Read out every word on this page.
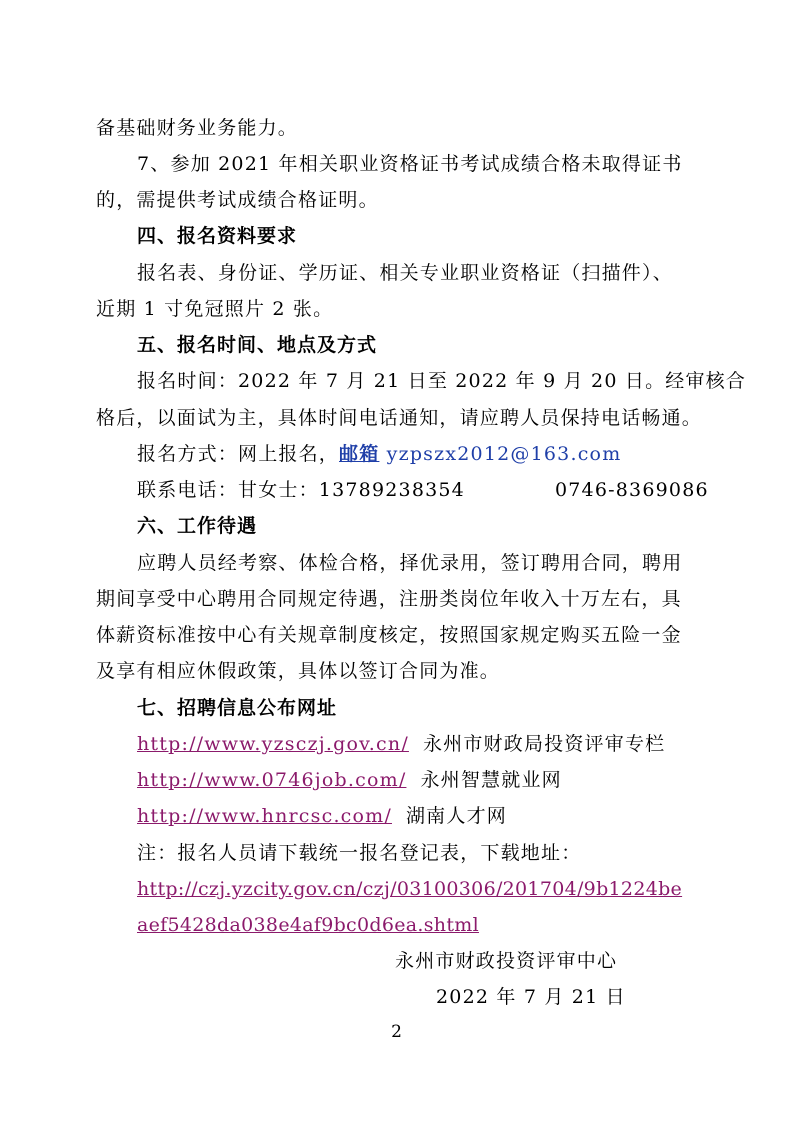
备基础财务业务能力。
7、参加 2021 年相关职业资格证书考试成绩合格未取得证书
的，需提供考试成绩合格证明。
四、报名资料要求
报名表、身份证、学历证、相关专业职业资格证（扫描件）、
近期 1 寸免冠照片 2 张。
五、报名时间、地点及方式
报名时间：2022 年 7 月 21 日至 2022 年 9 月 20 日。经审核合
格后，以面试为主，具体时间电话通知，请应聘人员保持电话畅通。
报名方式：网上报名，邮箱 yzpszx2012@163.com
联系电话：甘女士：13789238354	0746-8369086
六、工作待遇
应聘人员经考察、体检合格，择优录用，签订聘用合同，聘用
期间享受中心聘用合同规定待遇，注册类岗位年收入十万左右，具
体薪资标准按中心有关规章制度核定，按照国家规定购买五险一金
及享有相应休假政策，具体以签订合同为准。
七、招聘信息公布网址
http://www.yzsczj.gov.cn/ 永州市财政局投资评审专栏
http://www.0746job.com/ 永州智慧就业网
http://www.hnrcsc.com/ 湖南人才网
注：报名人员请下载统一报名登记表，下载地址：
http://czj.yzcity.gov.cn/czj/03100306/201704/9b1224be
aef5428da038e4af9bc0d6ea.shtml
永州市财政投资评审中心
2022 年 7 月 21 日
2
